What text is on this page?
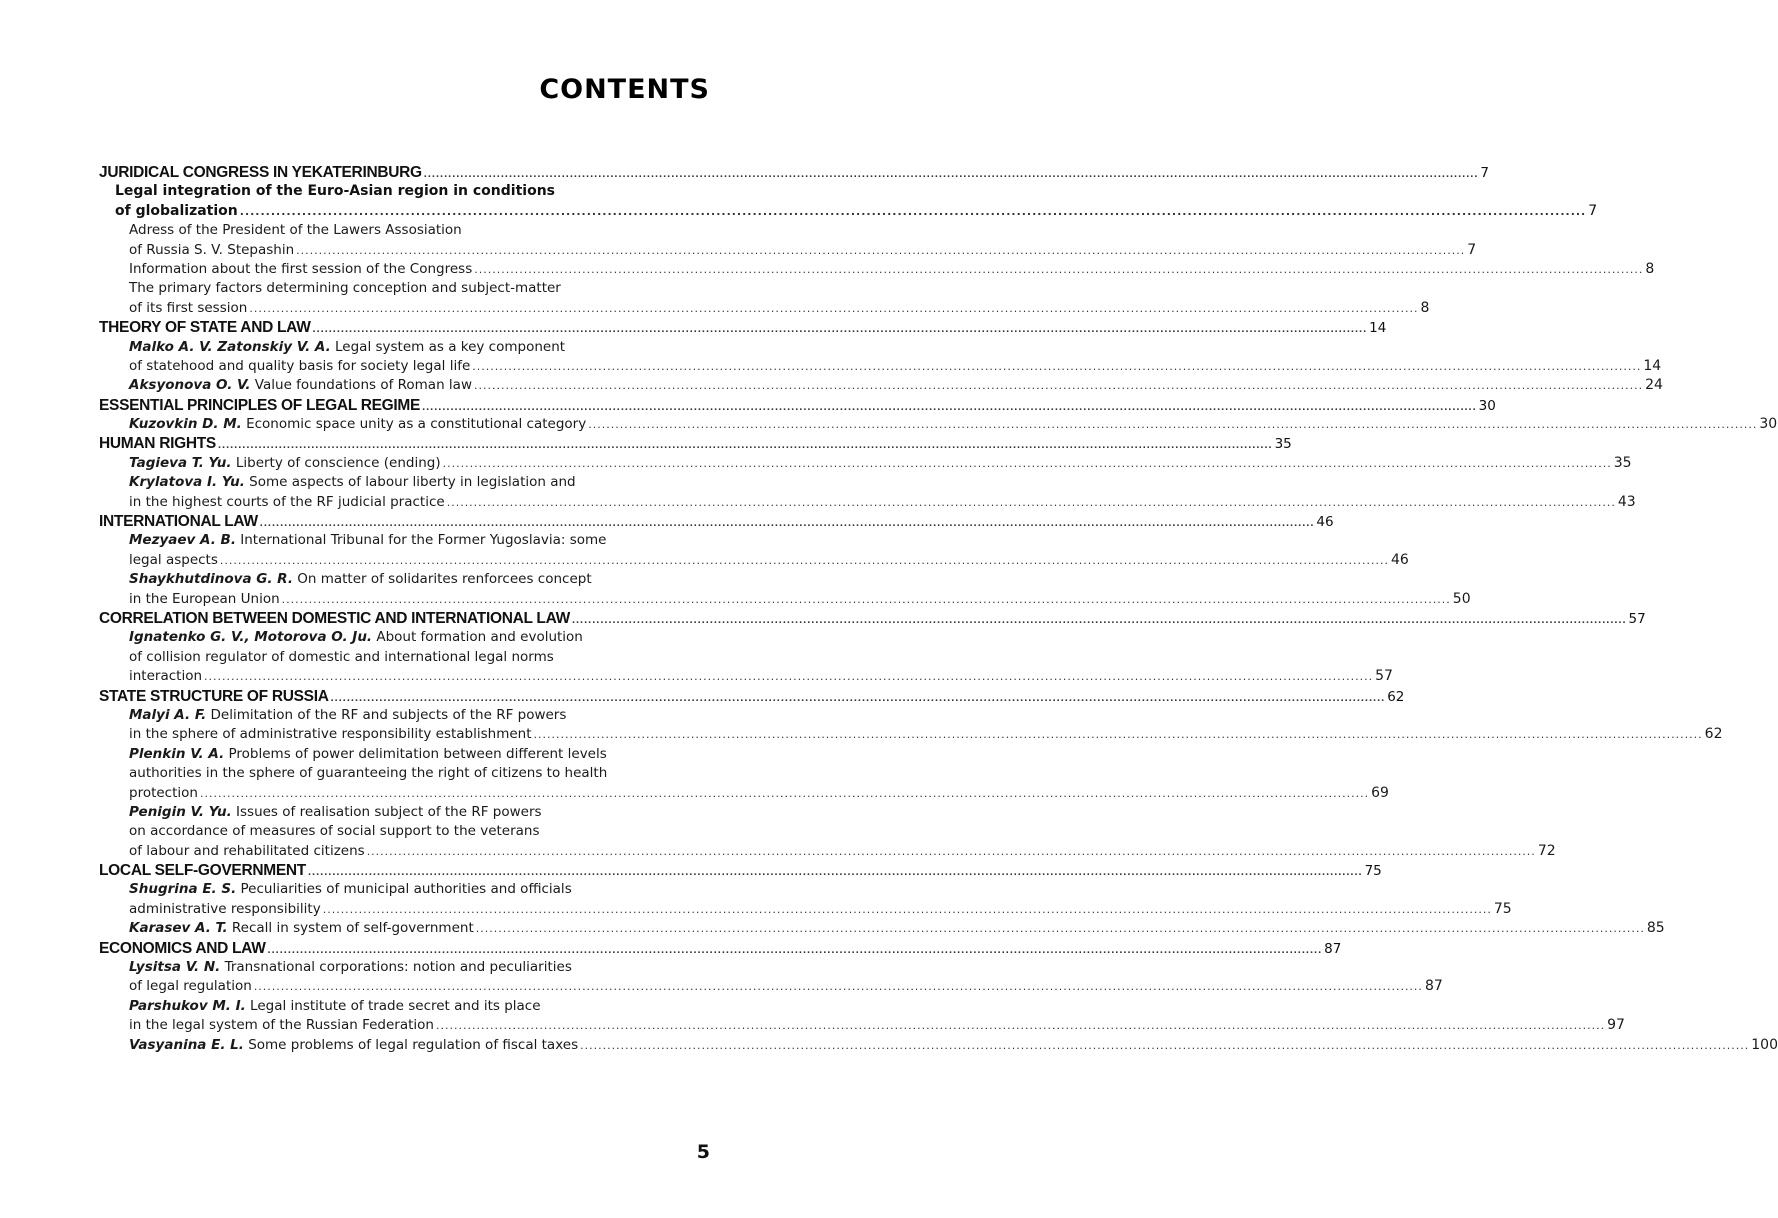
CONTENTS
JURIDICAL CONGRESS IN YEKATERINBURG .................................................................................................................................................................................................................................................................... 7
Legal integration of the Euro-Asian region in conditions
of globalization .................................................................................................................................................................................................................................................................... 7
Adress of the President of the Lawers Assosiation
of Russia S. V. Stepashin .................................................................................................................................................................................................................................................................... 7
Information about the first session of the Congress .................................................................................................................................................................................................................................................................... 8
The primary factors determining conception and subject-matter
of its first session .................................................................................................................................................................................................................................................................... 8
THEORY OF STATE AND LAW .................................................................................................................................................................................................................................................................... 14
Malko A. V. Zatonskiy V. A. Legal system as a key component
of statehood and quality basis for society legal life .................................................................................................................................................................................................................................................................... 14
Aksyonova O. V. Value foundations of Roman law .................................................................................................................................................................................................................................................................... 24
ESSENTIAL PRINCIPLES OF LEGAL REGIME .................................................................................................................................................................................................................................................................... 30
Kuzovkin D. M. Economic space unity as a constitutional category .................................................................................................................................................................................................................................................................... 30
HUMAN RIGHTS .................................................................................................................................................................................................................................................................... 35
Tagieva T. Yu. Liberty of conscience (ending) .................................................................................................................................................................................................................................................................... 35
Krylatova I. Yu. Some aspects of labour liberty in legislation and
in the highest courts of the RF judicial practice .................................................................................................................................................................................................................................................................... 43
INTERNATIONAL LAW .................................................................................................................................................................................................................................................................... 46
Mezyaev A. B. International Tribunal for the Former Yugoslavia: some
legal aspects .................................................................................................................................................................................................................................................................... 46
Shaykhutdinova G. R. On matter of solidarites renforcees concept
in the European Union .................................................................................................................................................................................................................................................................... 50
CORRELATION BETWEEN DOMESTIC AND INTERNATIONAL LAW .................................................................................................................................................................................................................................................................... 57
Ignatenko G. V., Motorova O. Ju. About formation and evolution
of collision regulator of domestic and international legal norms
interaction .................................................................................................................................................................................................................................................................... 57
STATE STRUCTURE OF RUSSIA .................................................................................................................................................................................................................................................................... 62
Malyi A. F. Delimitation of the RF and subjects of the RF powers
in the sphere of administrative responsibility establishment .................................................................................................................................................................................................................................................................... 62
Plenkin V. A. Problems of power delimitation between different levels
authorities in the sphere of guaranteeing the right of citizens to health
protection .................................................................................................................................................................................................................................................................... 69
Penigin V. Yu. Issues of realisation subject of the RF powers
on accordance of measures of social support to the veterans
of labour and rehabilitated citizens .................................................................................................................................................................................................................................................................... 72
LOCAL SELF-GOVERNMENT .................................................................................................................................................................................................................................................................... 75
Shugrina E. S. Peculiarities of municipal authorities and officials
administrative responsibility .................................................................................................................................................................................................................................................................... 75
Karasev A. T. Recall in system of self-government .................................................................................................................................................................................................................................................................... 85
ECONOMICS AND LAW .................................................................................................................................................................................................................................................................... 87
Lysitsa V. N. Transnational corporations: notion and peculiarities
of legal regulation .................................................................................................................................................................................................................................................................... 87
Parshukov M. I. Legal institute of trade secret and its place
in the legal system of the Russian Federation .................................................................................................................................................................................................................................................................... 97
Vasyanina E. L. Some problems of legal regulation of fiscal taxes .................................................................................................................................................................................................................................................................... 100
5
